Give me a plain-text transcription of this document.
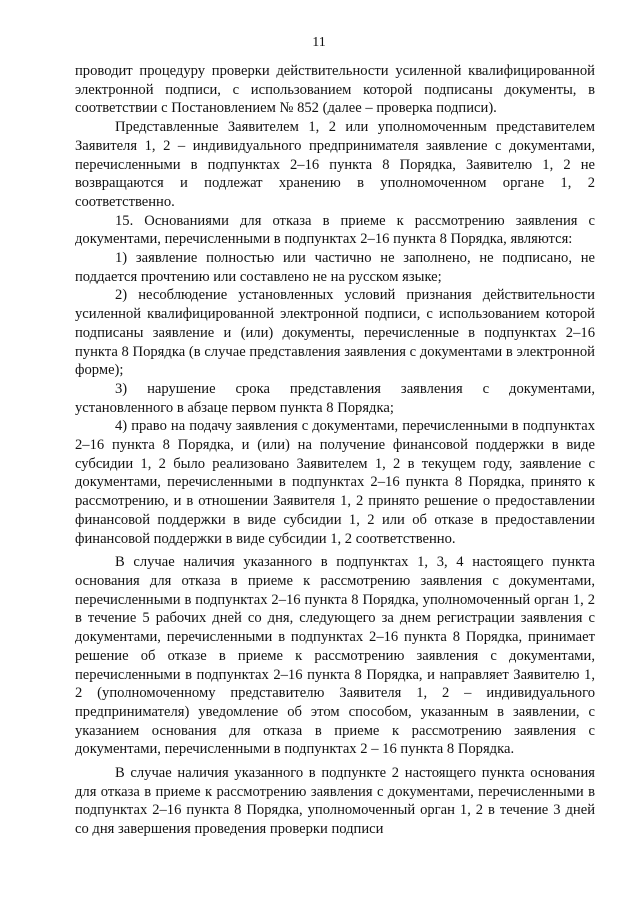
11

проводит процедуру проверки действительности усиленной квалифицированной электронной подписи, с использованием которой подписаны документы, в соответствии с Постановлением № 852 (далее – проверка подписи).

Представленные Заявителем 1, 2 или уполномоченным представителем Заявителя 1, 2 – индивидуального предпринимателя заявление с документами, перечисленными в подпунктах 2–16 пункта 8 Порядка, Заявителю 1, 2 не возвращаются и подлежат хранению в уполномоченном органе 1, 2 соответственно.

15. Основаниями для отказа в приеме к рассмотрению заявления с документами, перечисленными в подпунктах 2–16 пункта 8 Порядка, являются:

1) заявление полностью или частично не заполнено, не подписано, не поддается прочтению или составлено не на русском языке;

2) несоблюдение установленных условий признания действительности усиленной квалифицированной электронной подписи, с использованием которой подписаны заявление и (или) документы, перечисленные в подпунктах 2–16 пункта 8 Порядка (в случае представления заявления с документами в электронной форме);

3) нарушение срока представления заявления с документами, установленного в абзаце первом пункта 8 Порядка;

4) право на подачу заявления с документами, перечисленными в подпунктах 2–16 пункта 8 Порядка, и (или) на получение финансовой поддержки в виде субсидии 1, 2 было реализовано Заявителем 1, 2 в текущем году, заявление с документами, перечисленными в подпунктах 2–16 пункта 8 Порядка, принято к рассмотрению, и в отношении Заявителя 1, 2 принято решение о предоставлении финансовой поддержки в виде субсидии 1, 2 или об отказе в предоставлении финансовой поддержки в виде субсидии 1, 2 соответственно.

В случае наличия указанного в подпунктах 1, 3, 4 настоящего пункта основания для отказа в приеме к рассмотрению заявления с документами, перечисленными в подпунктах 2–16 пункта 8 Порядка, уполномоченный орган 1, 2 в течение 5 рабочих дней со дня, следующего за днем регистрации заявления с документами, перечисленными в подпунктах 2–16 пункта 8 Порядка, принимает решение об отказе в приеме к рассмотрению заявления с документами, перечисленными в подпунктах 2–16 пункта 8 Порядка, и направляет Заявителю 1, 2 (уполномоченному представителю Заявителя 1, 2 – индивидуального предпринимателя) уведомление об этом способом, указанным в заявлении, с указанием основания для отказа в приеме к рассмотрению заявления с документами, перечисленными в подпунктах 2 – 16 пункта 8 Порядка.

В случае наличия указанного в подпункте 2 настоящего пункта основания для отказа в приеме к рассмотрению заявления с документами, перечисленными в подпунктах 2–16 пункта 8 Порядка, уполномоченный орган 1, 2 в течение 3 дней со дня завершения проведения проверки подписи
